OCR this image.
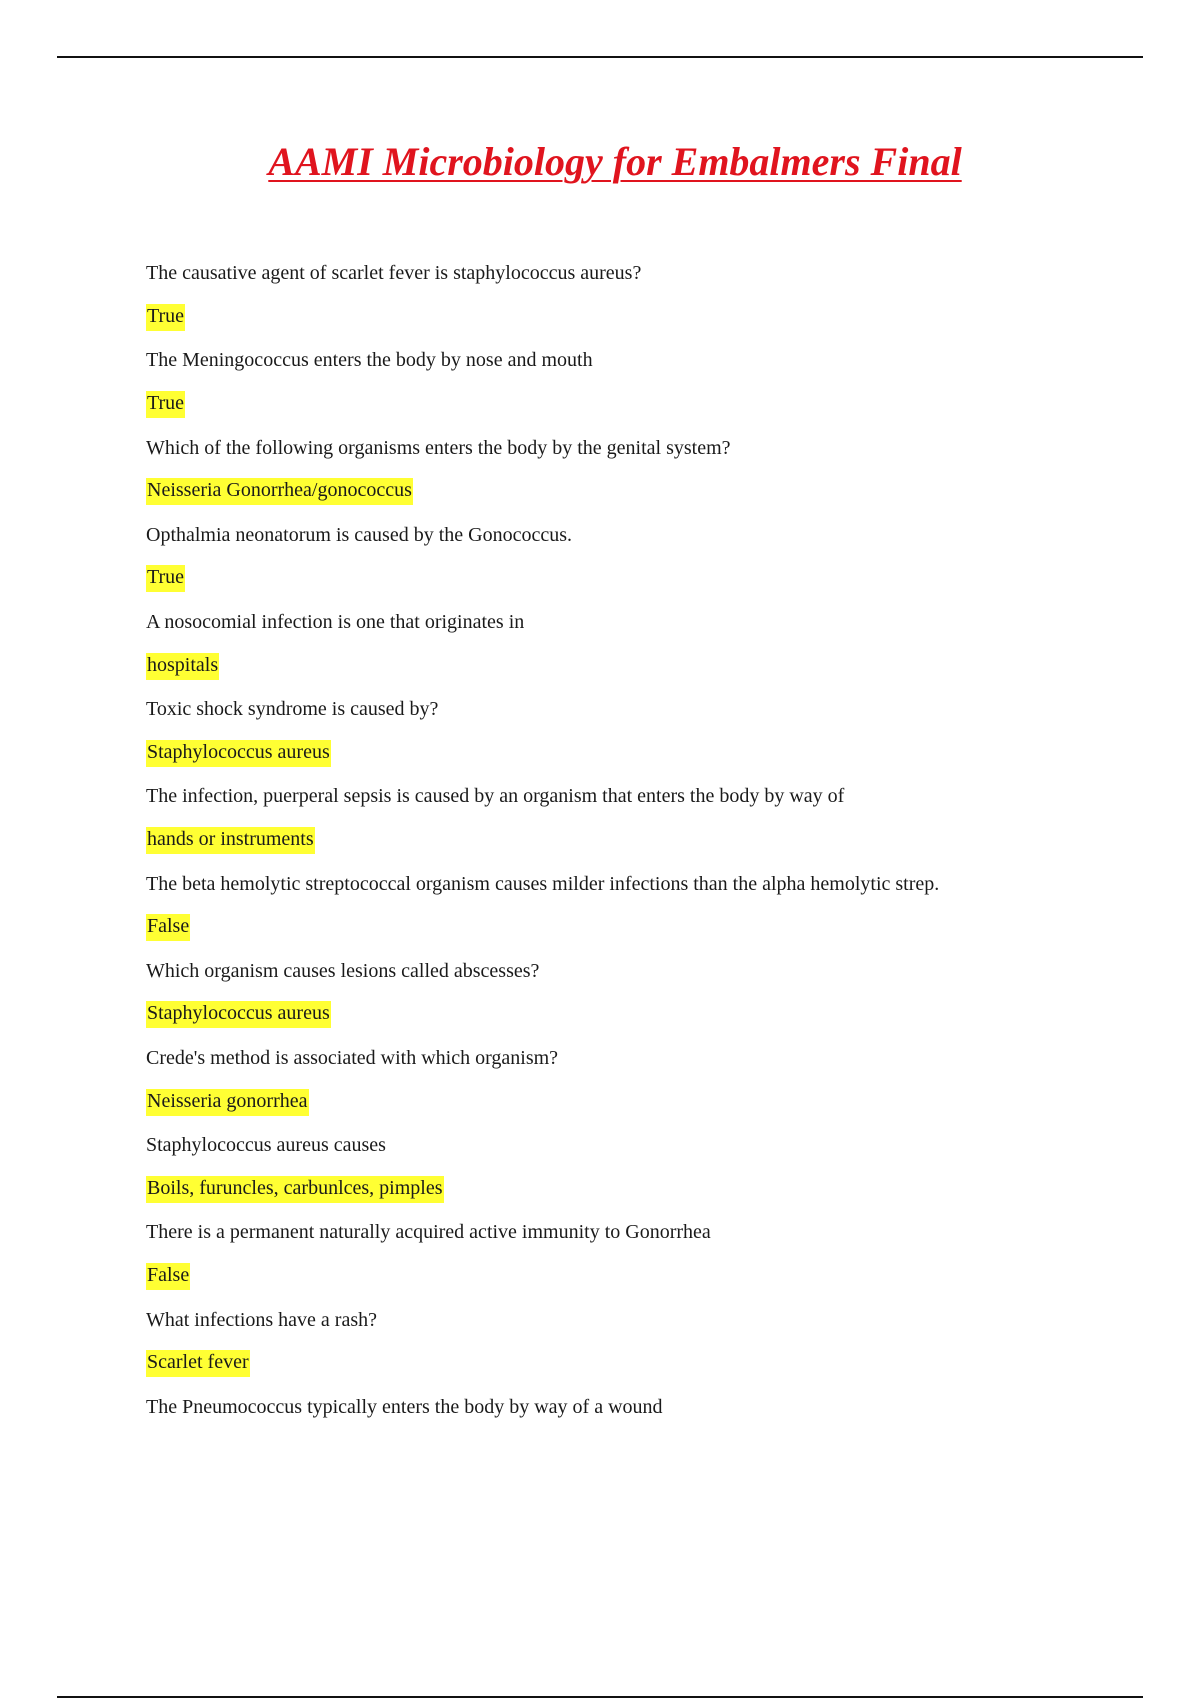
AAMI Microbiology for Embalmers Final
The causative agent of scarlet fever is staphylococcus aureus?
True
The Meningococcus enters the body by nose and mouth
True
Which of the following organisms enters the body by the genital system?
Neisseria Gonorrhea/gonococcus
Opthalmia neonatorum is caused by the Gonococcus.
True
A nosocomial infection is one that originates in
hospitals
Toxic shock syndrome is caused by?
Staphylococcus aureus
The infection, puerperal sepsis is caused by an organism that enters the body by way of
hands or instruments
The beta hemolytic streptococcal organism causes milder infections than the alpha hemolytic strep.
False
Which organism causes lesions called abscesses?
Staphylococcus aureus
Crede's method is associated with which organism?
Neisseria gonorrhea
Staphylococcus aureus causes
Boils, furuncles, carbunlces, pimples
There is a permanent naturally acquired active immunity to Gonorrhea
False
What infections have a rash?
Scarlet fever
The Pneumococcus typically enters the body by way of a wound
